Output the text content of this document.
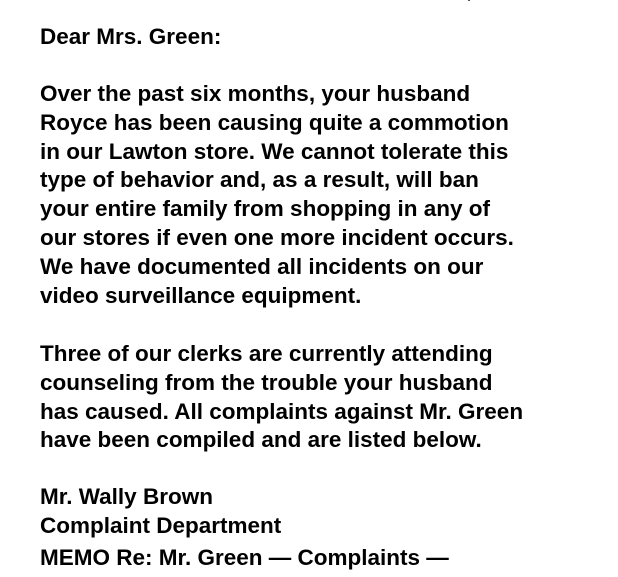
Dear Mrs. Green:

Over the past six months, your husband
Royce has been causing quite a commotion
in our Lawton store. We cannot tolerate this
type of behavior and, as a result, will ban
your entire family from shopping in any of
our stores if even one more incident occurs.
We have documented all incidents on our
video surveillance equipment.
Three of our clerks are currently attending
counseling from the trouble your husband
has caused. All complaints against Mr. Green
have been compiled and are listed below.
Mr. Wally Brown
Complaint Department

MEMO Re: Mr. Green — Complaints —
